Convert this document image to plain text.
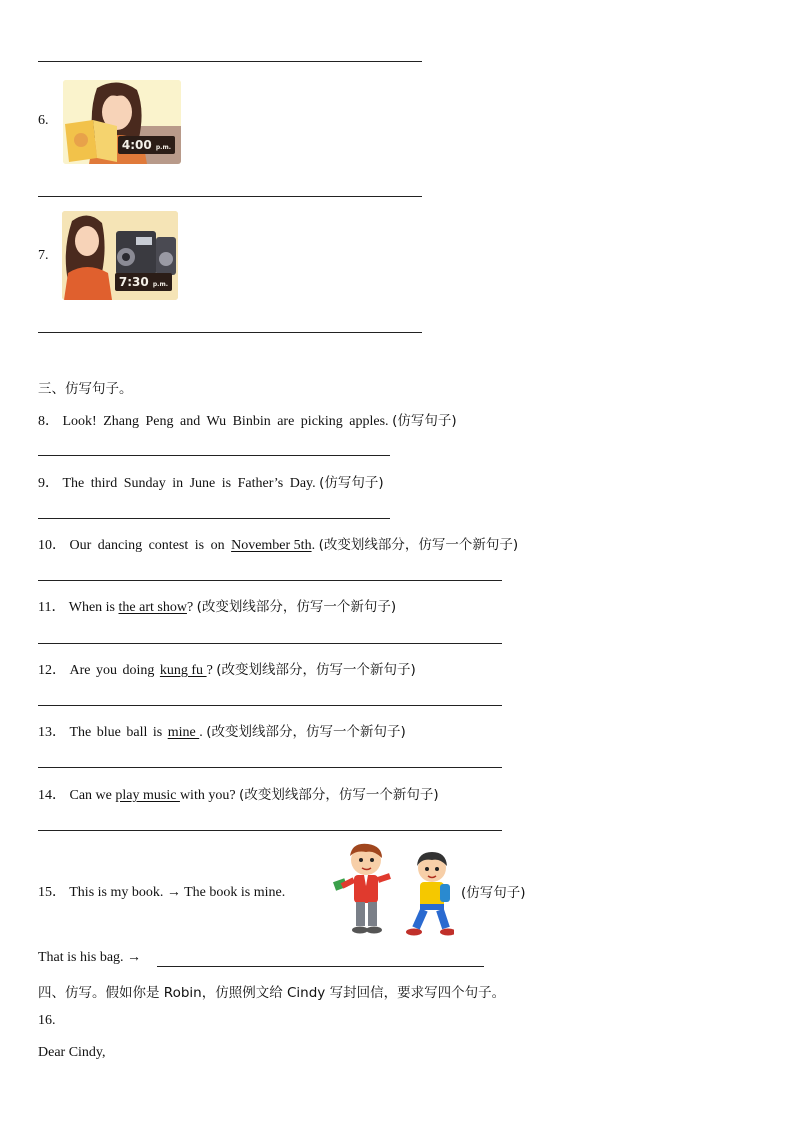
6.
4:00 p.m.
7.
7:30 p.m.
三、仿写句子。
8． Look! Zhang Peng and Wu Binbin are picking apples. (仿写句子)
9． The third Sunday in June is Father’s Day. (仿写句子)
10． Our dancing contest is on November 5th. (改变划线部分，仿写一个新句子)
11． When is the art show? (改变划线部分，仿写一个新句子)
12． Are you doing kung fu ? (改变划线部分，仿写一个新句子)
13． The blue ball is mine . (改变划线部分，仿写一个新句子)
14． Can we play music with you? (改变划线部分，仿写一个新句子)
15． This is my book. → The book is mine.	(仿写句子)
That is his bag. →
四、仿写。假如你是 Robin，仿照例文给 Cindy 写封回信，要求写四个句子。
16.
Dear Cindy,
